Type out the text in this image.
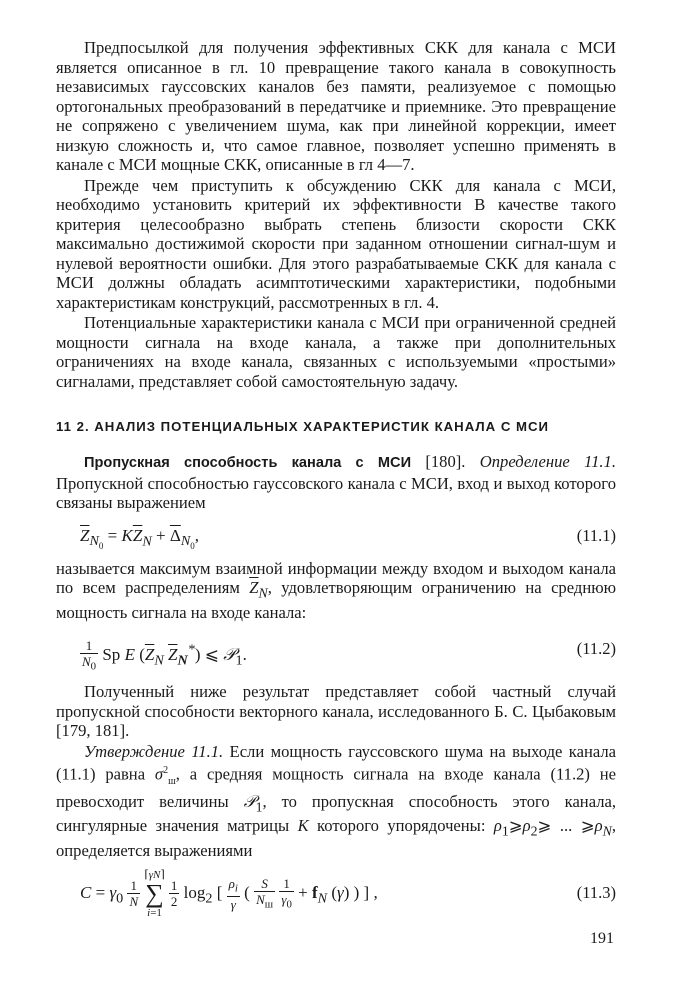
Предпосылкой для получения эффективных СКК для канала с МСИ является описанное в гл. 10 превращение такого канала в совокупность независимых гауссовских каналов без памяти, реализуемое с помощью ортогональных преобразований в передатчике и приемнике. Это превращение не сопряжено с увеличением шума, как при линейной коррекции, имеет низкую сложность и, что самое главное, позволяет успешно применять в канале с МСИ мощные СКК, описанные в гл 4—7.

Прежде чем приступить к обсуждению СКК для канала с МСИ, необходимо установить критерий их эффективности В качестве такого критерия целесообразно выбрать степень близости скорости СКК максимально достижимой скорости при заданном отношении сигнал-шум и нулевой вероятности ошибки. Для этого разрабатываемые СКК для канала с МСИ должны обладать асимптотическими характеристики, подобными характеристикам конструкций, рассмотренных в гл. 4.

Потенциальные характеристики канала с МСИ при ограниченной средней мощности сигнала на входе канала, а также при дополнительных ограничениях на входе канала, связанных с используемыми «простыми» сигналами, представляет собой самостоятельную задачу.

11 2. АНАЛИЗ ПОТЕНЦИАЛЬНЫХ ХАРАКТЕРИСТИК КАНАЛА С МСИ

Пропускная способность канала с МСИ [180]. Определение 11.1. Пропускной способностью гауссовского канала с МСИ, вход и выход которого связаны выражением

$\overline{Z}_{N_0} = K\overline{Z}_N + \overline{\Delta}_{N_0}$,	(11.1)

называется максимум взаимной информации между входом и выходом канала по всем распределениям $\overline{Z}_N$, удовлетворяющим ограничению на среднюю мощность сигнала на входе канала:

$\frac{1}{N_0}$ Sp E ($\overline{Z}_N$ $\overline{Z}_N^*$) ⩽ 𝒫$_1$.	(11.2)

Полученный ниже результат представляет собой частный случай пропускной способности векторного канала, исследованного Б. С. Цыбаковым [179, 181].

Утверждение 11.1. Если мощность гауссовского шума на выходе канала (11.1) равна $\sigma^2_ш$, а средняя мощность сигнала на входе канала (11.2) не превосходит величины 𝒫$_1$, то пропускная способность этого канала, сингулярные значения матрицы K которого упорядочены: $\rho_1⩾\rho_2⩾$ ... $⩾\rho_N$, определяется выражениями

$C = \gamma_0 \frac{1}{N}$
⌈γN⌉
∑
i=1
$\frac{1}{2} \log_2$ [ $\frac{\rho_i}{\gamma}$ ( $\frac{S}{N_ш}$
$\frac{1}{\gamma_0} + f_N$ (γ) ) ] ,	(11.3)
191
